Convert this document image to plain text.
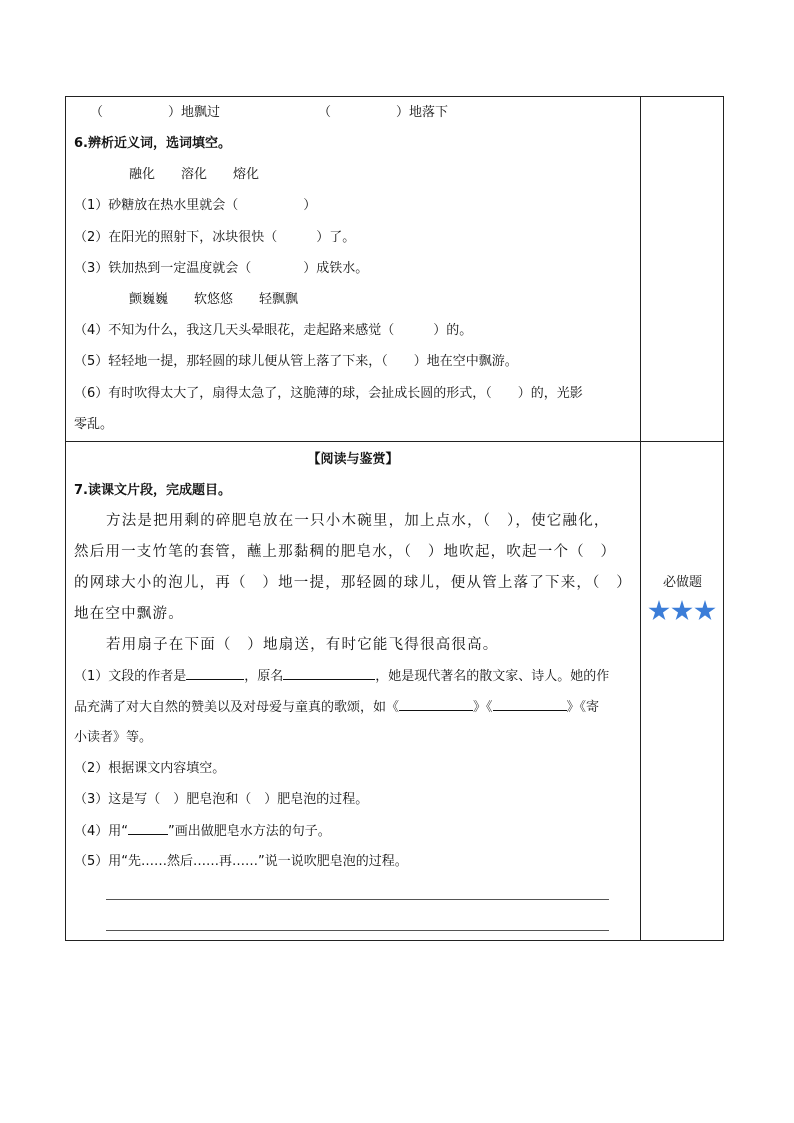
（　　　　　）地飘过	（　　　　　）地落下
6.辨析近义词，选词填空。
融化　　溶化　　熔化
（1）砂糖放在热水里就会（　　　　　）
（2）在阳光的照射下，冰块很快（　　　）了。
（3）铁加热到一定温度就会（　　　　）成铁水。
颤巍巍　　软悠悠　　轻飘飘
（4）不知为什么，我这几天头晕眼花，走起路来感觉（　　　）的。
（5）轻轻地一提，那轻圆的球儿便从管上落了下来，（　　）地在空中飘游。
（6）有时吹得太大了，扇得太急了，这脆薄的球，会扯成长圆的形式，（　　）的，光影
零乱。
【阅读与鉴赏】
7.读课文片段，完成题目。
方法是把用剩的碎肥皂放在一只小木碗里，加上点水，（　），使它融化，
然后用一支竹笔的套管，蘸上那黏稠的肥皂水，（　）地吹起，吹起一个（　）
的网球大小的泡儿，再（　）地一提，那轻圆的球儿，便从管上落了下来，（　）
地在空中飘游。
若用扇子在下面（　）地扇送，有时它能飞得很高很高。
（1）文段的作者是	，原名	，她是现代著名的散文家、诗人。她的作
品充满了对大自然的赞美以及对母爱与童真的歌颂，如《	》《	》《寄
小读者》等。
（2）根据课文内容填空。
（3）这是写（　）肥皂泡和（　）肥皂泡的过程。
（4）用“	”画出做肥皂水方法的句子。
（5）用“先……然后……再……”说一说吹肥皂泡的过程。
必做题
